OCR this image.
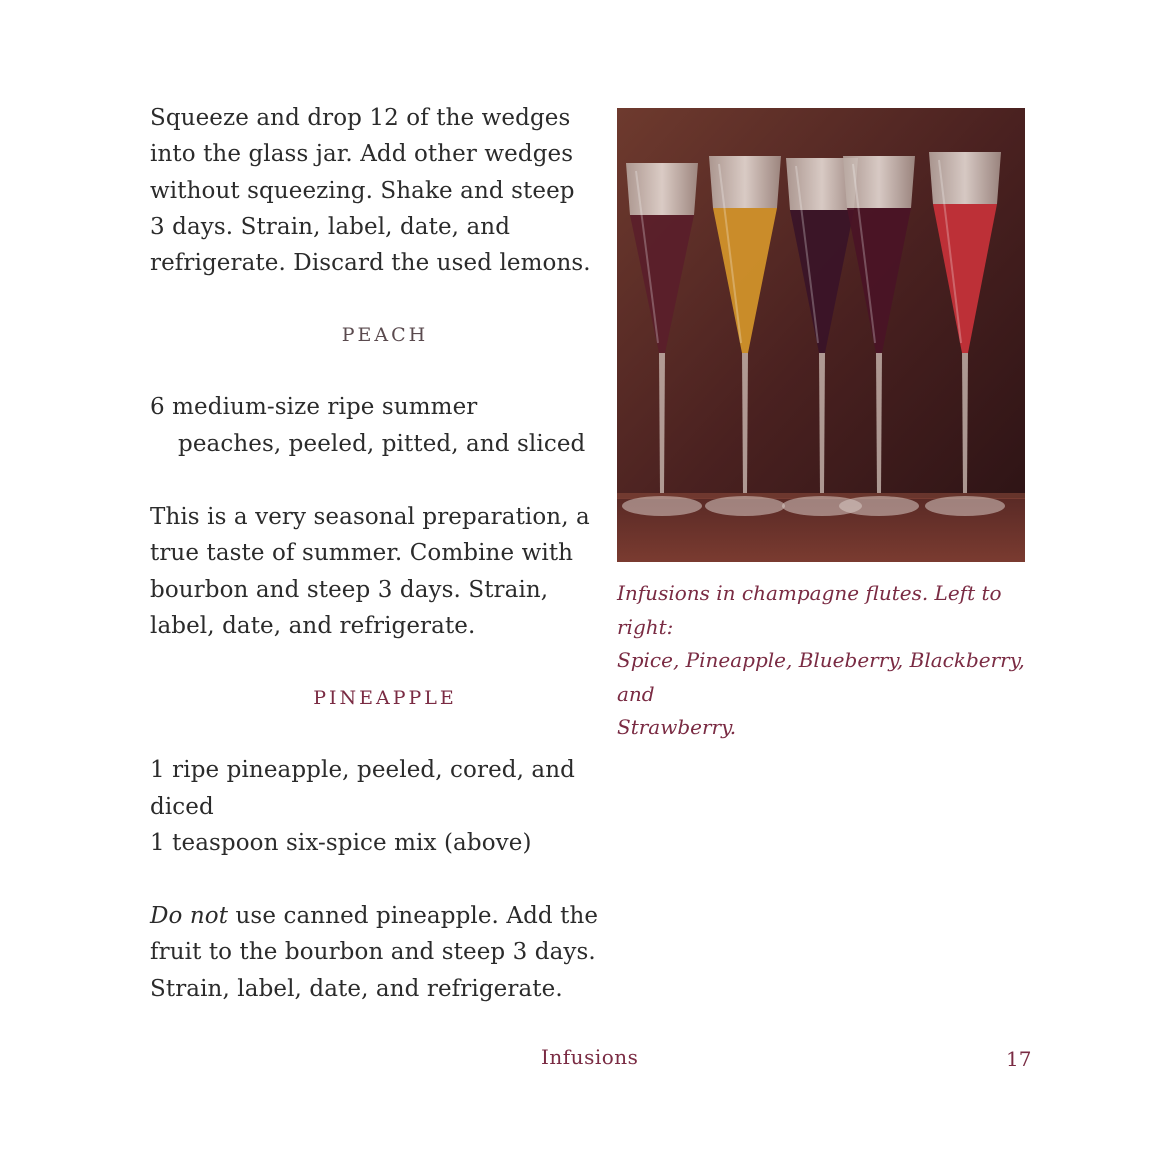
Squeeze and drop 12 of the wedges
into the glass jar. Add other wedges
without squeezing. Shake and steep
3 days. Strain, label, date, and
refrigerate. Discard the used lemons.

PEACH

6 medium-size ripe summer
peaches, peeled, pitted, and sliced

This is a very seasonal preparation, a
true taste of summer. Combine with
bourbon and steep 3 days. Strain,
label, date, and refrigerate.

PINEAPPLE

1 ripe pineapple, peeled, cored, and diced
1 teaspoon six-spice mix (above)

Do not use canned pineapple. Add the
fruit to the bourbon and steep 3 days.
Strain, label, date, and refrigerate.

Infusions in champagne flutes. Left to right:
Spice, Pineapple, Blueberry, Blackberry, and
Strawberry.

Infusions	17
